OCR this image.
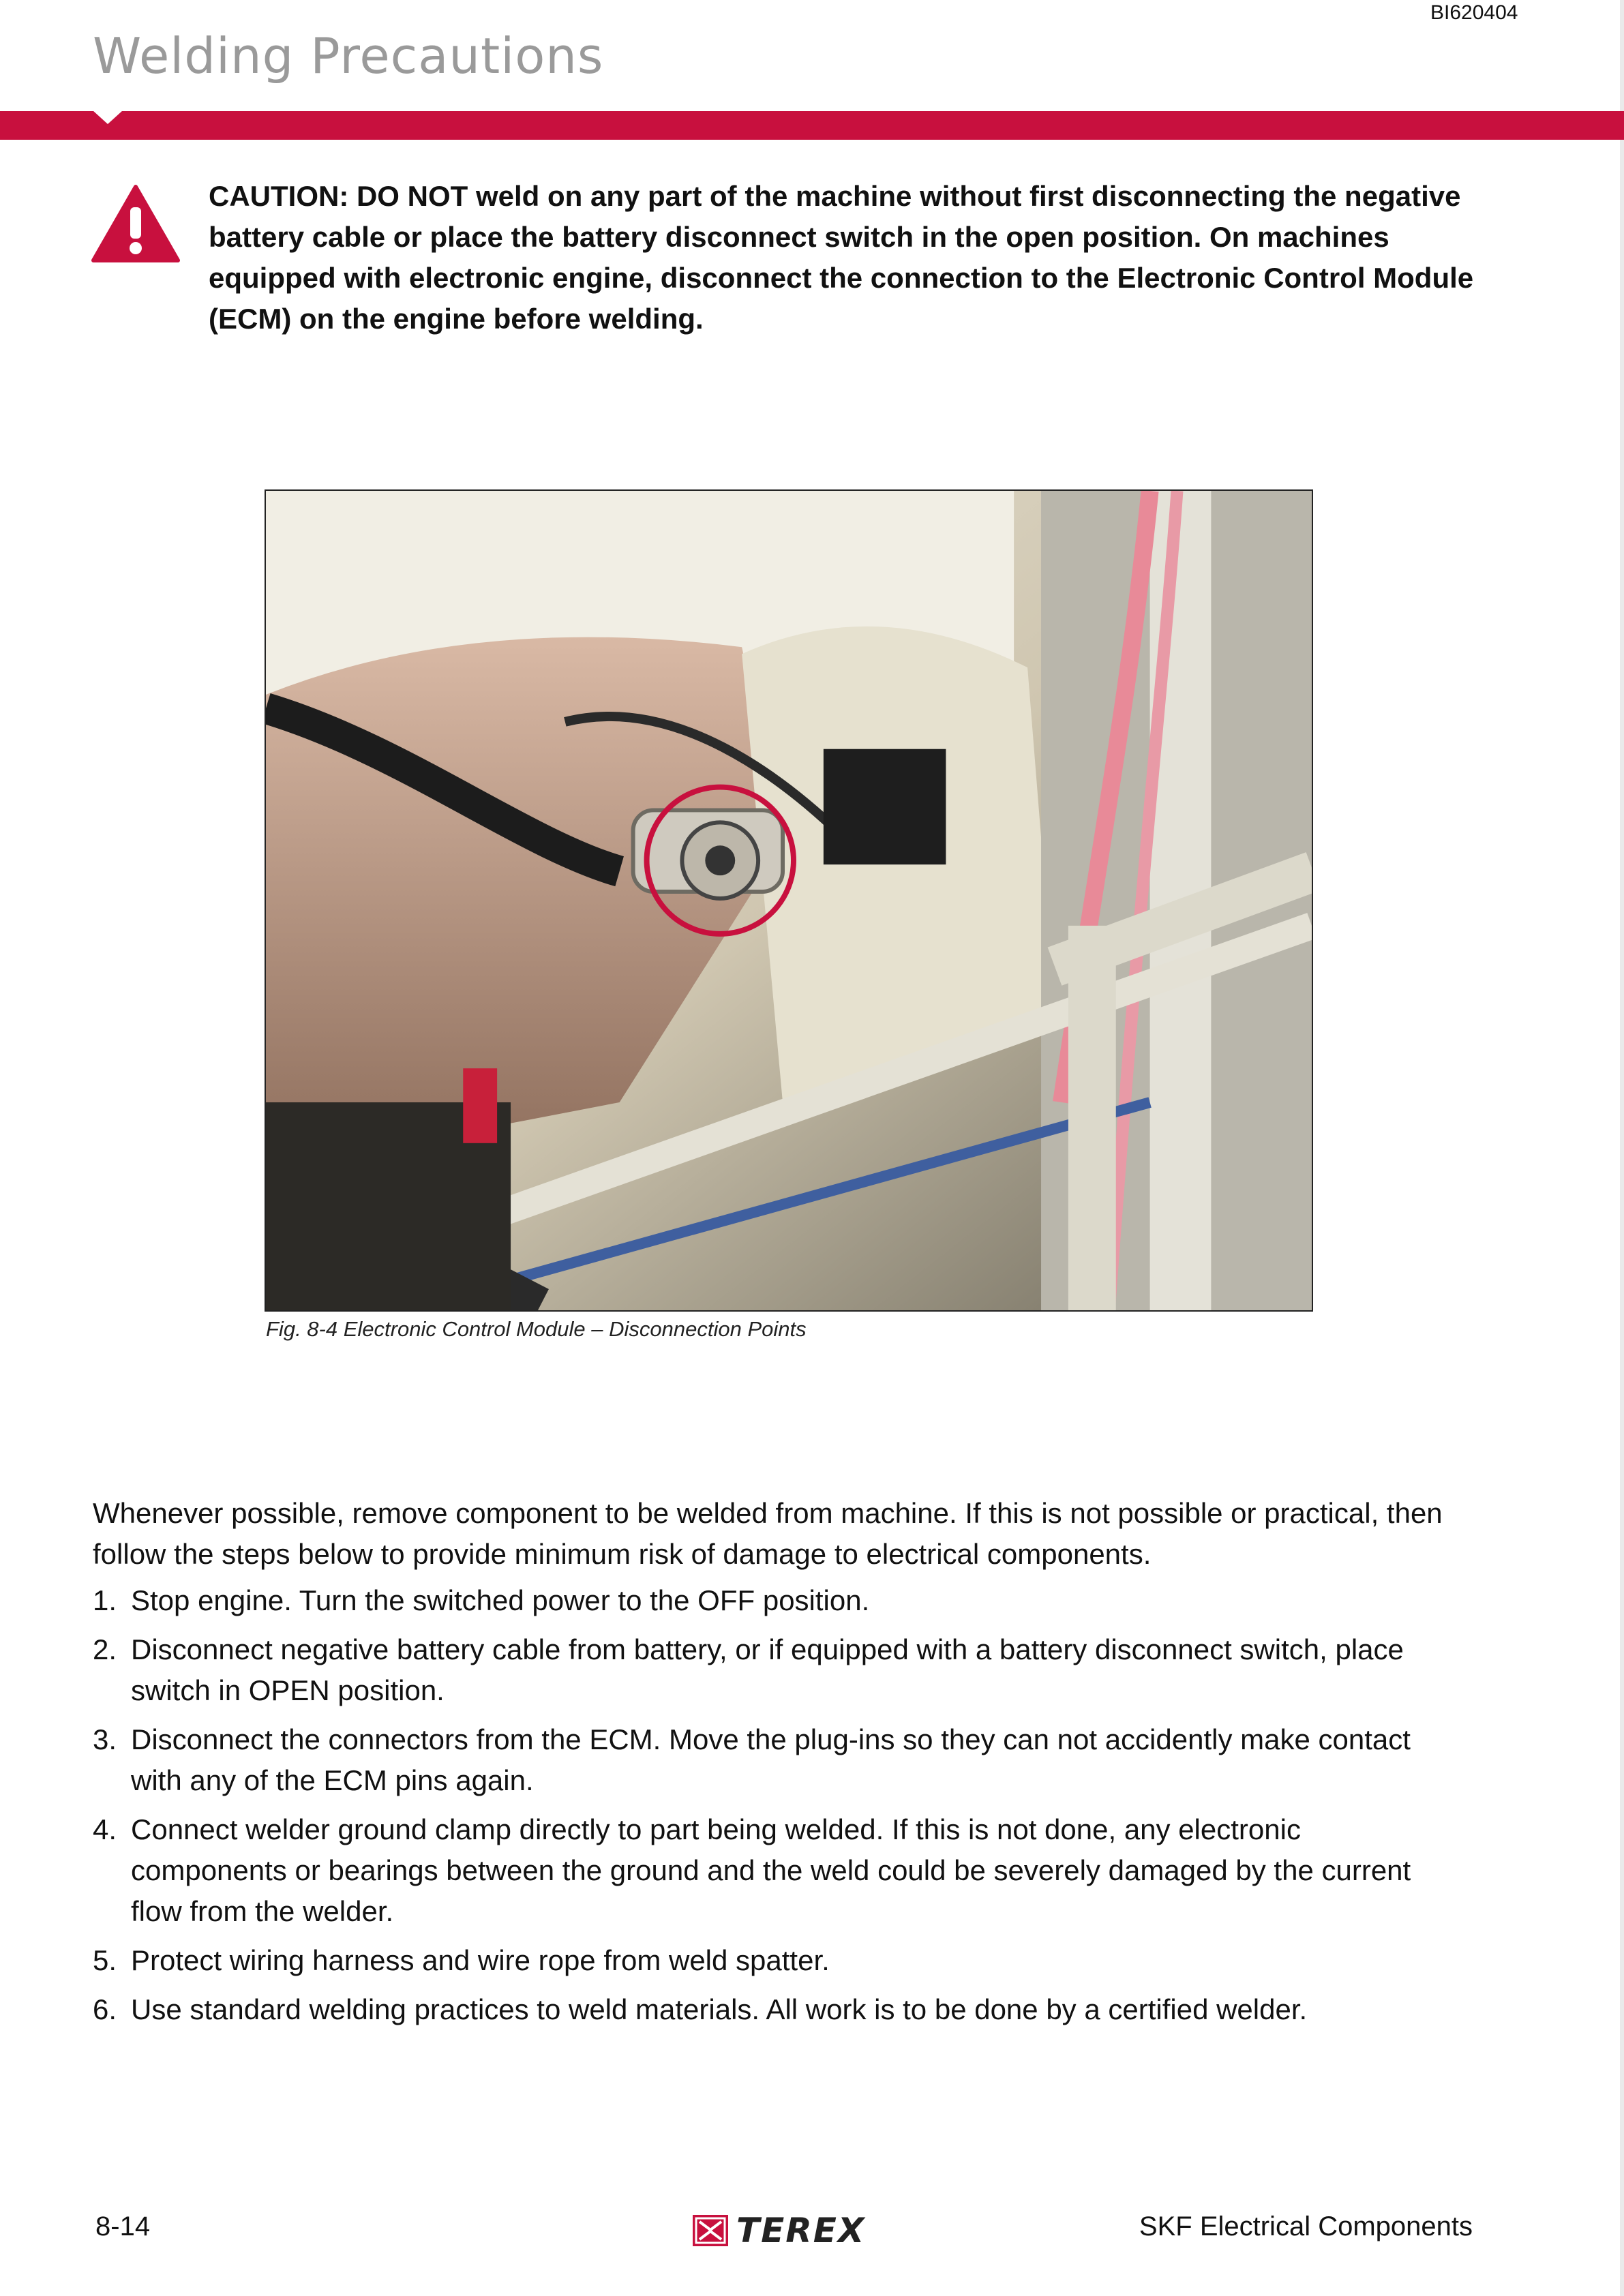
BI620404
Welding Precautions
CAUTION: DO NOT weld on any part of the machine without first disconnecting the negative battery cable or place the battery disconnect switch in the open position. On machines equipped with electronic engine, disconnect the connection to the Electronic Control Module (ECM) on the engine before welding.
Fig. 8-4 Electronic Control Module – Disconnection Points
Whenever possible, remove component to be welded from machine. If this is not possible or practical, then follow the steps below to provide minimum risk of damage to electrical components.
1. Stop engine. Turn the switched power to the OFF position.
2. Disconnect negative battery cable from battery, or if equipped with a battery disconnect switch, place switch in OPEN position.
3. Disconnect the connectors from the ECM. Move the plug-ins so they can not accidently make contact with any of the ECM pins again.
4. Connect welder ground clamp directly to part being welded. If this is not done, any electronic components or bearings between the ground and the weld could be severely damaged by the current flow from the welder.
5. Protect wiring harness and wire rope from weld spatter.
6. Use standard welding practices to weld materials. All work is to be done by a certified welder.
8-14	TEREX	SKF Electrical Components
